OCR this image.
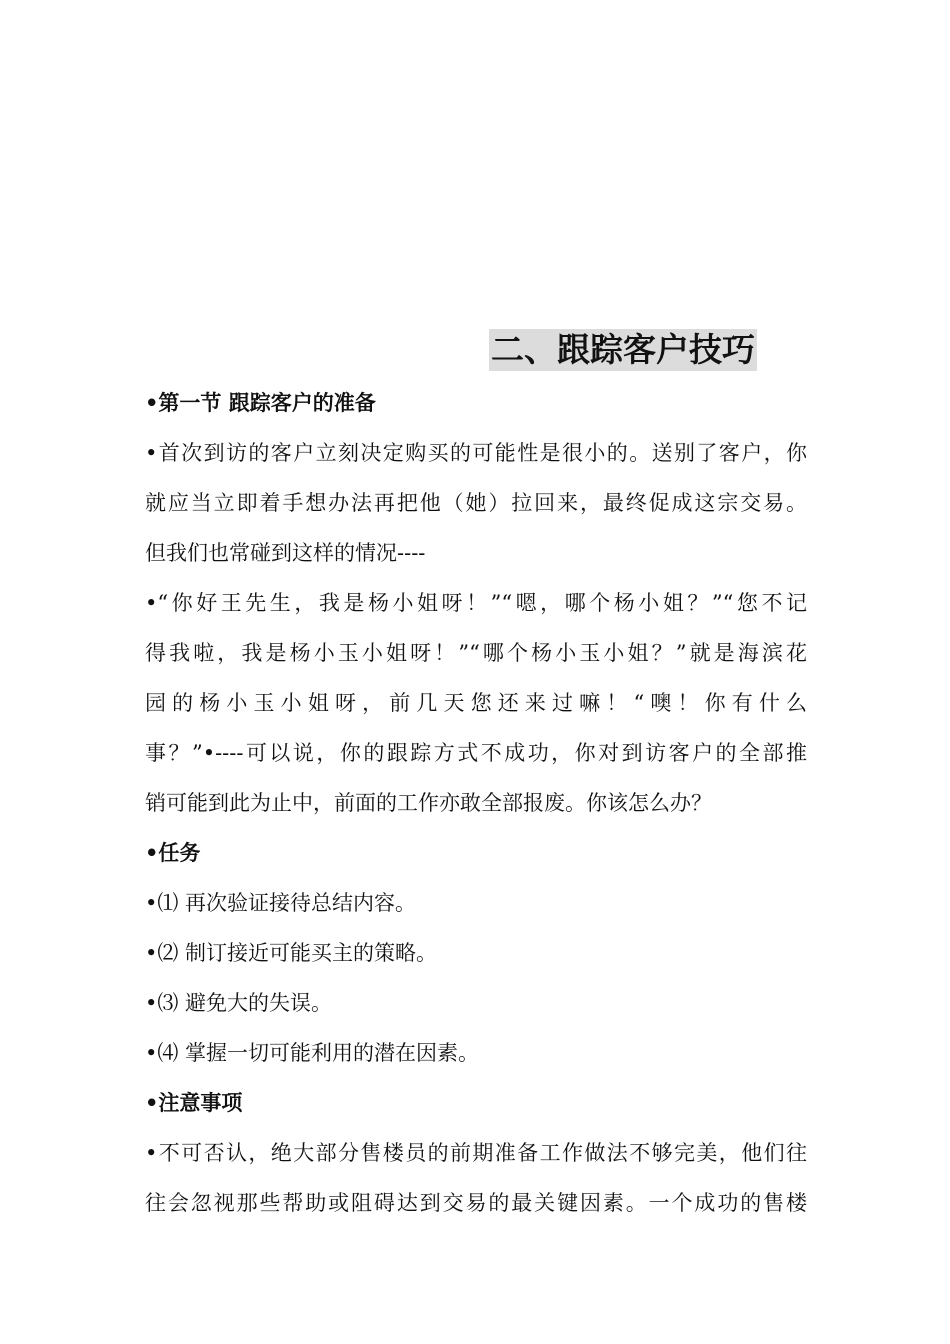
二、跟踪客户技巧
•第一节 跟踪客户的准备
•首次到访的客户立刻决定购买的可能性是很小的。送别了客户，你
就应当立即着手想办法再把他（她）拉回来，最终促成这宗交易。
但我们也常碰到这样的情况----
•“你好王先生，我是杨小姐呀！”“嗯，哪个杨小姐？”“您不记
得我啦，我是杨小玉小姐呀！”“哪个杨小玉小姐？”就是海滨花
园的杨小玉小姐呀，前几天您还来过嘛！“噢！你有什么
事？”•----可以说，你的跟踪方式不成功，你对到访客户的全部推
销可能到此为止中，前面的工作亦敢全部报废。你该怎么办？
•任务
•⑴ 再次验证接待总结内容。
•⑵ 制订接近可能买主的策略。
•⑶ 避免大的失误。
•⑷ 掌握一切可能利用的潜在因素。
•注意事项
•不可否认，绝大部分售楼员的前期准备工作做法不够完美，他们往
往会忽视那些帮助或阻碍达到交易的最关键因素。一个成功的售楼
